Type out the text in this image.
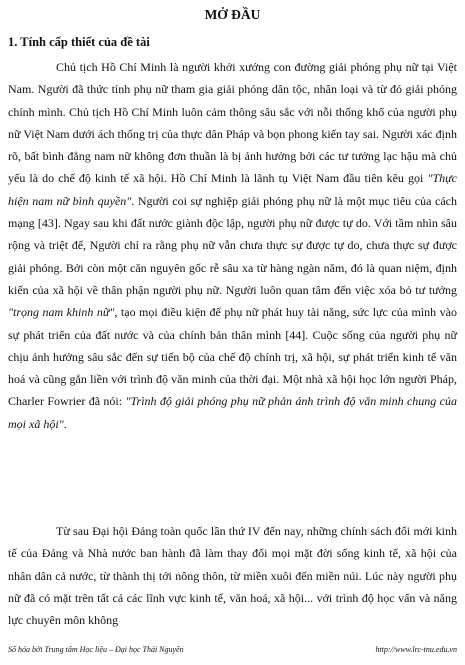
MỞ ĐẦU
1. Tính cấp thiết của đề tài

Chủ tịch Hồ Chí Minh là người khởi xướng con đường giải phóng phụ nữ tại Việt Nam. Người đã thức tỉnh phụ nữ tham gia giải phóng dân tộc, nhân loại và từ đó giải phóng chính mình. Chủ tịch Hồ Chí Minh luôn cảm thông sâu sắc với nỗi thống khổ của người phụ nữ Việt Nam dưới ách thống trị của thực dân Pháp và bọn phong kiến tay sai. Người xác định rõ, bất bình đẳng nam nữ không đơn thuần là bị ảnh hưởng bởi các tư tưởng lạc hậu mà chủ yếu là do chế độ kinh tế xã hội. Hồ Chí Minh là lãnh tụ Việt Nam đầu tiên kêu gọi "Thực hiện nam nữ bình quyền". Người coi sự nghiệp giải phóng phụ nữ là một mục tiêu của cách mạng [43]. Ngay sau khi đất nước giành độc lập, người phụ nữ được tự do. Với tầm nhìn sâu rộng và triệt để, Người chỉ ra rằng phụ nữ vẫn chưa thực sự được tự do, chưa thực sự được giải phóng. Bởi còn một căn nguyên gốc rễ sâu xa từ hàng ngàn năm, đó là quan niệm, định kiến của xã hội về thân phận người phụ nữ. Người luôn quan tâm đến việc xóa bỏ tư tưởng "trọng nam khinh nữ", tạo mọi điều kiện để phụ nữ phát huy tài năng, sức lực của mình vào sự phát triển của đất nước và của chính bản thân mình [44]. Cuộc sống của người phụ nữ chịu ảnh hưởng sâu sắc đến sự tiến bộ của chế độ chính trị, xã hội, sự phát triển kinh tế văn hoá và cũng gắn liền với trình độ văn minh của thời đại. Một nhà xã hội học lớn người Pháp, Charler Fowrier đã nói: "Trình độ giải phóng phụ nữ phản ánh trình độ văn minh chung của mọi xã hội".

Từ sau Đại hội Đảng toàn quốc lần thứ IV đến nay, những chính sách đổi mới kinh tế của Đảng và Nhà nước ban hành đã làm thay đổi mọi mặt đời sống kinh tế, xã hội của nhân dân cả nước, từ thành thị tới nông thôn, từ miền xuôi đến miền núi. Lúc này người phụ nữ đã có mặt trên tất cả các lĩnh vực kinh tế, văn hoá, xã hội... với trình độ học vấn và năng lực chuyên môn không

Số hóa bởi Trung tâm Học liệu – Đại học Thái Nguyên	http://www.lrc-tnu.edu.vn
